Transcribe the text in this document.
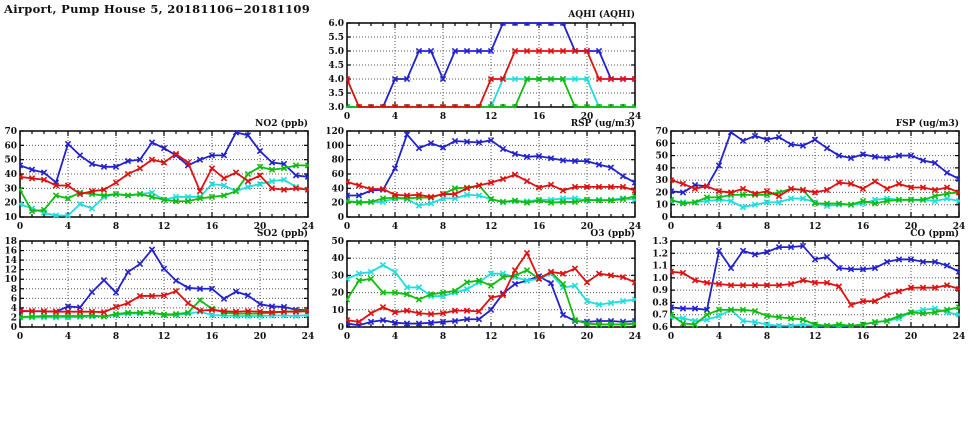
Airport, Pump House 5, 20181106−20181109	AQHI (AQHI)
NO2 (ppb)	RSP (ug/m3)	FSP (ug/m3)
SO2 (ppb)	O3 (ppb)	CO (ppm)
